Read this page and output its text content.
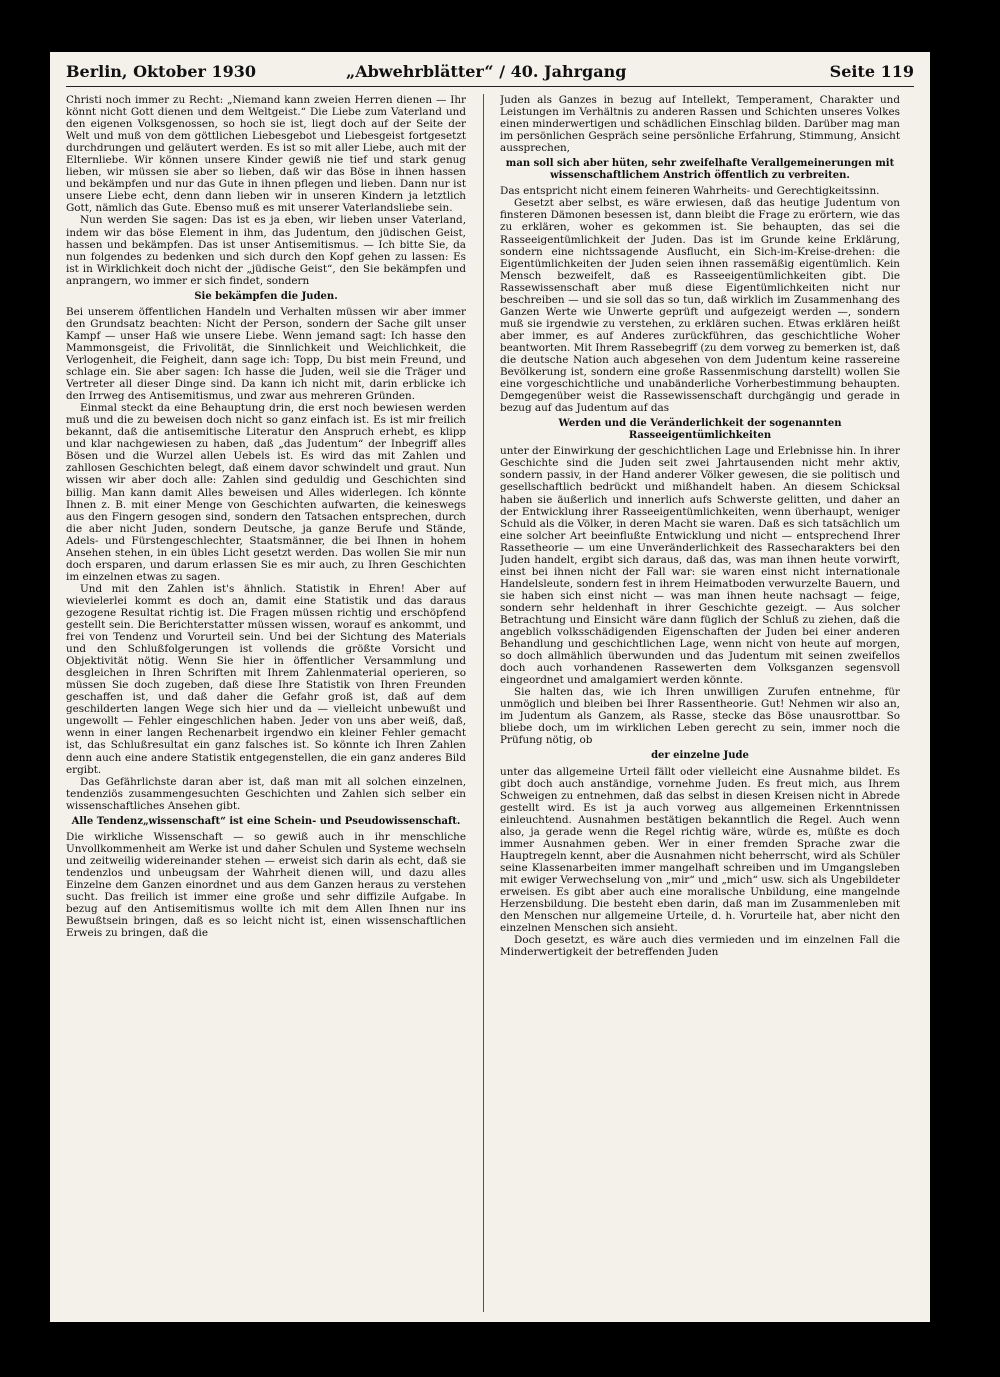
Berlin, Oktober 1930	„Abwehrblätter“ / 40. Jahrgang	Seite 119

Christi noch immer zu Recht: „Niemand kann zweien Herren dienen — Ihr könnt nicht Gott dienen und dem Weltgeist.“ Die Liebe zum Vaterland und den eigenen Volksgenossen, so hoch sie ist, liegt doch auf der Seite der Welt und muß von dem göttlichen Liebesgebot und Liebesgeist fortgesetzt durchdrungen und geläutert werden. Es ist so mit aller Liebe, auch mit der Elternliebe. Wir können unsere Kinder gewiß nie tief und stark genug lieben, wir müssen sie aber so lieben, daß wir das Böse in ihnen hassen und bekämpfen und nur das Gute in ihnen pflegen und lieben. Dann nur ist unsere Liebe echt, denn dann lieben wir in unseren Kindern ja letztlich Gott, nämlich das Gute. Ebenso muß es mit unserer Vaterlandsliebe sein.

Nun werden Sie sagen: Das ist es ja eben, wir lieben unser Vaterland, indem wir das böse Element in ihm, das Judentum, den jüdischen Geist, hassen und bekämpfen. Das ist unser Antisemitismus. — Ich bitte Sie, da nun folgendes zu bedenken und sich durch den Kopf gehen zu lassen: Es ist in Wirklichkeit doch nicht der „jüdische Geist“, den Sie bekämpfen und anprangern, wo immer er sich findet, sondern

Sie bekämpfen die Juden.

Bei unserem öffentlichen Handeln und Verhalten müssen wir aber immer den Grundsatz beachten: Nicht der Person, sondern der Sache gilt unser Kampf — unser Haß wie unsere Liebe. Wenn jemand sagt: Ich hasse den Mammonsgeist, die Frivolität, die Sinnlichkeit und Weichlichkeit, die Verlogenheit, die Feigheit, dann sage ich: Topp, Du bist mein Freund, und schlage ein. Sie aber sagen: Ich hasse die Juden, weil sie die Träger und Vertreter all dieser Dinge sind. Da kann ich nicht mit, darin erblicke ich den Irrweg des Antisemitismus, und zwar aus mehreren Gründen.

Einmal steckt da eine Behauptung drin, die erst noch bewiesen werden muß und die zu beweisen doch nicht so ganz einfach ist. Es ist mir freilich bekannt, daß die antisemitische Literatur den Anspruch erhebt, es klipp und klar nachgewiesen zu haben, daß „das Judentum“ der Inbegriff alles Bösen und die Wurzel allen Uebels ist. Es wird das mit Zahlen und zahllosen Geschichten belegt, daß einem davor schwindelt und graut. Nun wissen wir aber doch alle: Zahlen sind geduldig und Geschichten sind billig. Man kann damit Alles beweisen und Alles widerlegen. Ich könnte Ihnen z. B. mit einer Menge von Geschichten aufwarten, die keineswegs aus den Fingern gesogen sind, sondern den Tatsachen entsprechen, durch die aber nicht Juden, sondern Deutsche, ja ganze Berufe und Stände, Adels- und Fürstengeschlechter, Staatsmänner, die bei Ihnen in hohem Ansehen stehen, in ein übles Licht gesetzt werden. Das wollen Sie mir nun doch ersparen, und darum erlassen Sie es mir auch, zu Ihren Geschichten im einzelnen etwas zu sagen.

Und mit den Zahlen ist's ähnlich. Statistik in Ehren! Aber auf wievielerlei kommt es doch an, damit eine Statistik und das daraus gezogene Resultat richtig ist. Die Fragen müssen richtig und erschöpfend gestellt sein. Die Berichterstatter müssen wissen, worauf es ankommt, und frei von Tendenz und Vorurteil sein. Und bei der Sichtung des Materials und den Schlußfolgerungen ist vollends die größte Vorsicht und Objektivität nötig. Wenn Sie hier in öffentlicher Versammlung und desgleichen in Ihren Schriften mit Ihrem Zahlenmaterial operieren, so müssen Sie doch zugeben, daß diese Ihre Statistik von Ihren Freunden geschaffen ist, und daß daher die Gefahr groß ist, daß auf dem geschilderten langen Wege sich hier und da — vielleicht unbewußt und ungewollt — Fehler eingeschlichen haben. Jeder von uns aber weiß, daß, wenn in einer langen Rechenarbeit irgendwo ein kleiner Fehler gemacht ist, das Schlußresultat ein ganz falsches ist. So könnte ich Ihren Zahlen denn auch eine andere Statistik entgegenstellen, die ein ganz anderes Bild ergibt.

Das Gefährlichste daran aber ist, daß man mit all solchen einzelnen, tendenziös zusammengesuchten Geschichten und Zahlen sich selber ein wissenschaftliches Ansehen gibt.

Alle Tendenz„wissenschaft“ ist eine Schein- und Pseudowissenschaft.

Die wirkliche Wissenschaft — so gewiß auch in ihr menschliche Unvollkommenheit am Werke ist und daher Schulen und Systeme wechseln und zeitweilig widereinander stehen — erweist sich darin als echt, daß sie tendenzlos und unbeugsam der Wahrheit dienen will, und dazu alles Einzelne dem Ganzen einordnet und aus dem Ganzen heraus zu verstehen sucht. Das freilich ist immer eine große und sehr diffizile Aufgabe. In bezug auf den Antisemitismus wollte ich mit dem Allen Ihnen nur ins Bewußtsein bringen, daß es so leicht nicht ist, einen wissenschaftlichen Erweis zu bringen, daß die

Juden als Ganzes in bezug auf Intellekt, Temperament, Charakter und Leistungen im Verhältnis zu anderen Rassen und Schichten unseres Volkes einen minderwertigen und schädlichen Einschlag bilden. Darüber mag man im persönlichen Gespräch seine persönliche Erfahrung, Stimmung, Ansicht aussprechen,

man soll sich aber hüten, sehr zweifelhafte Verallgemeinerungen mit wissenschaftlichem Anstrich öffentlich zu verbreiten.

Das entspricht nicht einem feineren Wahrheits- und Gerechtigkeitssinn.

Gesetzt aber selbst, es wäre erwiesen, daß das heutige Judentum von finsteren Dämonen besessen ist, dann bleibt die Frage zu erörtern, wie das zu erklären, woher es gekommen ist. Sie behaupten, das sei die Rasseeigentümlichkeit der Juden. Das ist im Grunde keine Erklärung, sondern eine nichtssagende Ausflucht, ein Sich-im-Kreise-drehen: die Eigentümlichkeiten der Juden seien ihnen rassemäßig eigentümlich. Kein Mensch bezweifelt, daß es Rasseeigentümlichkeiten gibt. Die Rassewissenschaft aber muß diese Eigentümlichkeiten nicht nur beschreiben — und sie soll das so tun, daß wirklich im Zusammenhang des Ganzen Werte wie Unwerte geprüft und aufgezeigt werden —, sondern muß sie irgendwie zu verstehen, zu erklären suchen. Etwas erklären heißt aber immer, es auf Anderes zurückführen, das geschichtliche Woher beantworten. Mit Ihrem Rassebegriff (zu dem vorweg zu bemerken ist, daß die deutsche Nation auch abgesehen von dem Judentum keine rassereine Bevölkerung ist, sondern eine große Rassenmischung darstellt) wollen Sie eine vorgeschichtliche und unabänderliche Vorherbestimmung behaupten. Demgegenüber weist die Rassewissenschaft durchgängig und gerade in bezug auf das Judentum auf das

Werden und die Veränderlichkeit der sogenannten Rasseeigentümlichkeiten

unter der Einwirkung der geschichtlichen Lage und Erlebnisse hin. In ihrer Geschichte sind die Juden seit zwei Jahrtausenden nicht mehr aktiv, sondern passiv, in der Hand anderer Völker gewesen, die sie politisch und gesellschaftlich bedrückt und mißhandelt haben. An diesem Schicksal haben sie äußerlich und innerlich aufs Schwerste gelitten, und daher an der Entwicklung ihrer Rasseeigentümlichkeiten, wenn überhaupt, weniger Schuld als die Völker, in deren Macht sie waren. Daß es sich tatsächlich um eine solcher Art beeinflußte Entwicklung und nicht — entsprechend Ihrer Rassetheorie — um eine Unveränderlichkeit des Rassecharakters bei den Juden handelt, ergibt sich daraus, daß das, was man ihnen heute vorwirft, einst bei ihnen nicht der Fall war: sie waren einst nicht internationale Handelsleute, sondern fest in ihrem Heimatboden verwurzelte Bauern, und sie haben sich einst nicht — was man ihnen heute nachsagt — feige, sondern sehr heldenhaft in ihrer Geschichte gezeigt. — Aus solcher Betrachtung und Einsicht wäre dann füglich der Schluß zu ziehen, daß die angeblich volksschädigenden Eigenschaften der Juden bei einer anderen Behandlung und geschichtlichen Lage, wenn nicht von heute auf morgen, so doch allmählich überwunden und das Judentum mit seinen zweifellos doch auch vorhandenen Rassewerten dem Volksganzen segensvoll eingeordnet und amalgamiert werden könnte.

Sie halten das, wie ich Ihren unwilligen Zurufen entnehme, für unmöglich und bleiben bei Ihrer Rassentheorie. Gut! Nehmen wir also an, im Judentum als Ganzem, als Rasse, stecke das Böse unausrottbar. So bliebe doch, um im wirklichen Leben gerecht zu sein, immer noch die Prüfung nötig, ob

der einzelne Jude

unter das allgemeine Urteil fällt oder vielleicht eine Ausnahme bildet. Es gibt doch auch anständige, vornehme Juden. Es freut mich, aus Ihrem Schweigen zu entnehmen, daß das selbst in diesen Kreisen nicht in Abrede gestellt wird. Es ist ja auch vorweg aus allgemeinen Erkenntnissen einleuchtend. Ausnahmen bestätigen bekanntlich die Regel. Auch wenn also, ja gerade wenn die Regel richtig wäre, würde es, müßte es doch immer Ausnahmen geben. Wer in einer fremden Sprache zwar die Hauptregeln kennt, aber die Ausnahmen nicht beherrscht, wird als Schüler seine Klassenarbeiten immer mangelhaft schreiben und im Umgangsleben mit ewiger Verwechselung von „mir“ und „mich“ usw. sich als Ungebildeter erweisen. Es gibt aber auch eine moralische Unbildung, eine mangelnde Herzensbildung. Die besteht eben darin, daß man im Zusammenleben mit den Menschen nur allgemeine Urteile, d. h. Vorurteile hat, aber nicht den einzelnen Menschen sich ansieht.

Doch gesetzt, es wäre auch dies vermieden und im einzelnen Fall die Minderwertigkeit der betreffenden Juden
